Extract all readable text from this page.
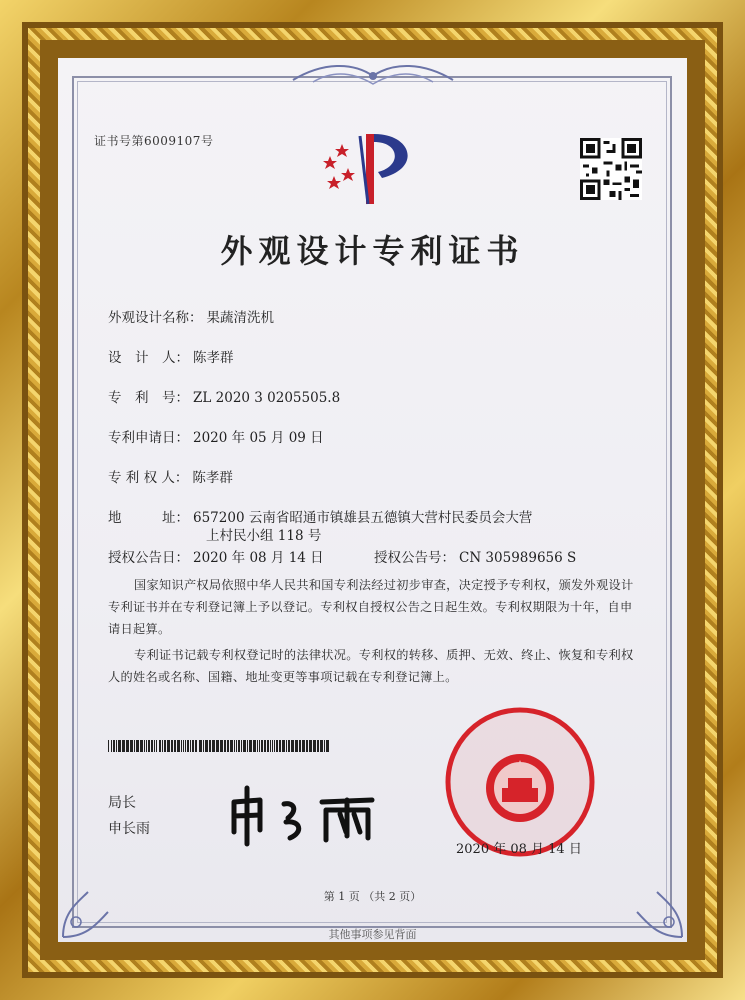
证书号第6009107号
外观设计专利证书
外观设计名称： 果蔬清洗机
设　计　人： 陈孝群
专　利　号： ZL 2020 3 0205505.8
专利申请日： 2020 年 05 月 09 日
专 利 权 人： 陈孝群
地　　　址： 657200 云南省昭通市镇雄县五德镇大营村民委员会大营
上村民小组 118 号
授权公告日： 2020 年 08 月 14 日	授权公告号： CN 305989656 S
国家知识产权局依照中华人民共和国专利法经过初步审查，决定授予专利权，颁发外观设计专利证书并在专利登记簿上予以登记。专利权自授权公告之日起生效。专利权期限为十年，自申请日起算。
专利证书记载专利权登记时的法律状况。专利权的转移、质押、无效、终止、恢复和专利权人的姓名或名称、国籍、地址变更等事项记载在专利登记簿上。
局长
申长雨
2020 年 08 月 14 日
第 1 页 （共 2 页）
其他事项参见背面
